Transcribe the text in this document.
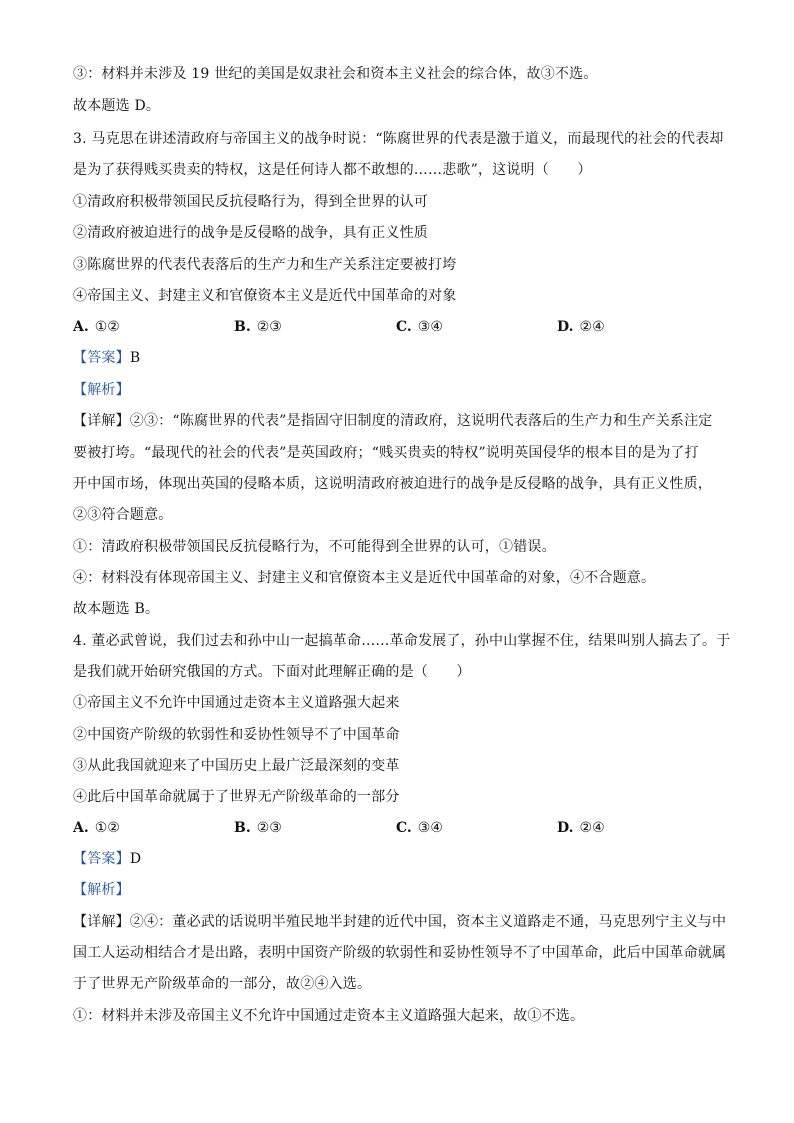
③：材料并未涉及 19 世纪的美国是奴隶社会和资本主义社会的综合体，故③不选。
故本题选 D。
3. 马克思在讲述清政府与帝国主义的战争时说：“陈腐世界的代表是激于道义，而最现代的社会的代表却
是为了获得贱买贵卖的特权，这是任何诗人都不敢想的……悲歌”，这说明（　　）
①清政府积极带领国民反抗侵略行为，得到全世界的认可
②清政府被迫进行的战争是反侵略的战争，具有正义性质
③陈腐世界的代表代表落后的生产力和生产关系注定要被打垮
④帝国主义、封建主义和官僚资本主义是近代中国革命的对象
A. ①②	B. ②③	C. ③④	D. ②④
【答案】B
【解析】
【详解】②③：“陈腐世界的代表”是指固守旧制度的清政府，这说明代表落后的生产力和生产关系注定
要被打垮。“最现代的社会的代表”是英国政府；“贱买贵卖的特权”说明英国侵华的根本目的是为了打
开中国市场，体现出英国的侵略本质，这说明清政府被迫进行的战争是反侵略的战争，具有正义性质，
②③符合题意。
①：清政府积极带领国民反抗侵略行为，不可能得到全世界的认可，①错误。
④：材料没有体现帝国主义、封建主义和官僚资本主义是近代中国革命的对象，④不合题意。
故本题选 B。
4. 董必武曾说，我们过去和孙中山一起搞革命……革命发展了，孙中山掌握不住，结果叫别人搞去了。于
是我们就开始研究俄国的方式。下面对此理解正确的是（　　）
①帝国主义不允许中国通过走资本主义道路强大起来
②中国资产阶级的软弱性和妥协性领导不了中国革命
③从此我国就迎来了中国历史上最广泛最深刻的变革
④此后中国革命就属于了世界无产阶级革命的一部分
A. ①②	B. ②③	C. ③④	D. ②④
【答案】D
【解析】
【详解】②④：董必武的话说明半殖民地半封建的近代中国，资本主义道路走不通，马克思列宁主义与中
国工人运动相结合才是出路，表明中国资产阶级的软弱性和妥协性领导不了中国革命，此后中国革命就属
于了世界无产阶级革命的一部分，故②④入选。
①：材料并未涉及帝国主义不允许中国通过走资本主义道路强大起来，故①不选。
